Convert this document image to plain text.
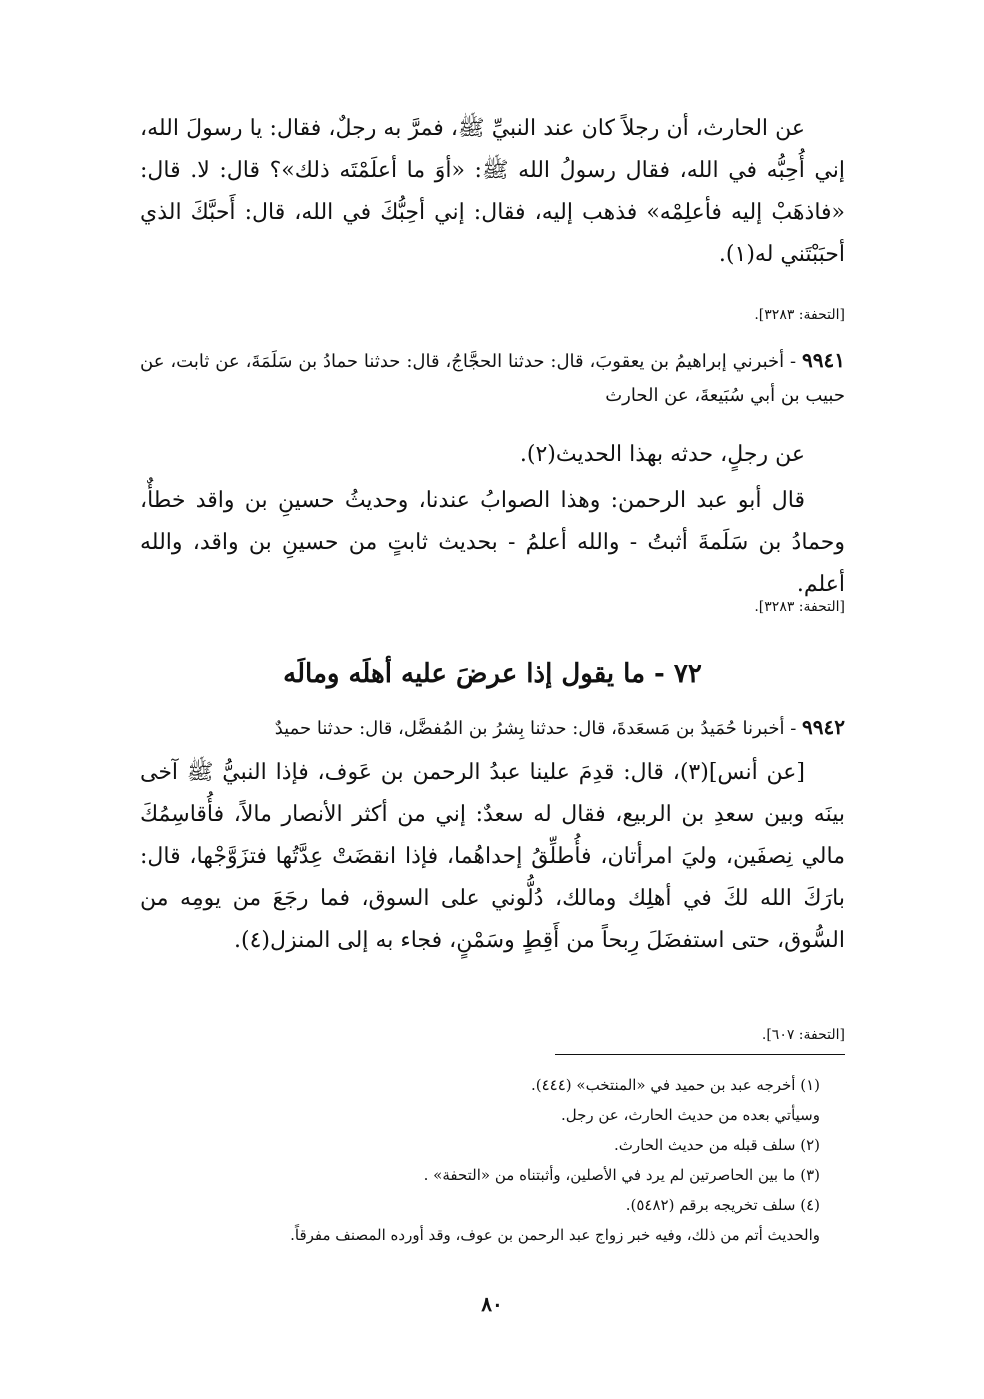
عن الحارث، أن رجلاً كان عند النبيِّ ﷺ، فمرَّ به رجلٌ، فقال: يا رسولَ الله، إني أُحِبُّه في الله، فقال رسولُ الله ﷺ: «أوَ ما أعلَمْتَه ذلك»؟ قال: لا. قال: «فاذهَبْ إليه فأعلِمْه» فذهب إليه، فقال: إني أحِبُّكَ في الله، قال: أَحبَّكَ الذي أحبَبْتَني له(١).

[التحفة: ٣٢٨٣].

٩٩٤١ - أخبرني إبراهيمُ بن يعقوبَ، قال: حدثنا الحجَّاجُ، قال: حدثنا حمادُ بن سَلَمَةَ، عن ثابت، عن حبيب بن أبي سُبَيعةَ، عن الحارث

عن رجلٍ، حدثه بهذا الحديث(٢).

قال أبو عبد الرحمن: وهذا الصوابُ عندنا، وحديثُ حسينِ بن واقد خطأٌ، وحمادُ بن سَلَمةَ أثبتُ - والله أعلمُ - بحديث ثابتٍ من حسينِ بن واقد، والله أعلم.

[التحفة: ٣٢٨٣].
٧٢ - ما يقول إذا عرضَ عليه أهلَه ومالَه

٩٩٤٢ - أخبرنا حُمَيدُ بن مَسعَدةَ، قال: حدثنا بِشرُ بن المُفضَّل، قال: حدثنا حميدٌ

[عن أنس](٣)، قال: قدِمَ علينا عبدُ الرحمن بن عَوف، فإذا النبيُّ ﷺ آخى بينَه وبين سعدِ بن الربيع، فقال له سعدٌ: إني من أكثر الأنصار مالاً، فأُقاسِمُكَ مالي نِصفَين، وليَ امرأتان، فأُطلِّقُ إحداهُما، فإذا انقضَتْ عِدَّتُها فتزَوَّجْها، قال: بارَكَ الله لكَ في أهلِك ومالك، دُلُّوني على السوق، فما رجَعَ من يومِه من السُّوق، حتى استفضَلَ رِبحاً من أَقِطٍ وسَمْنٍ، فجاء به إلى المنزل(٤).

[التحفة: ٦٠٧].

(١) أخرجه عبد بن حميد في «المنتخب» (٤٤٤).

وسيأتي بعده من حديث الحارث، عن رجل.

(٢) سلف قبله من حديث الحارث.

(٣) ما بين الحاصرتين لم يرد في الأصلين، وأثبتناه من «التحفة» .

(٤) سلف تخريجه برقم (٥٤٨٢).

والحديث أتم من ذلك، وفيه خبر زواج عبد الرحمن بن عوف، وقد أورده المصنف مفرقاً.

٨٠
